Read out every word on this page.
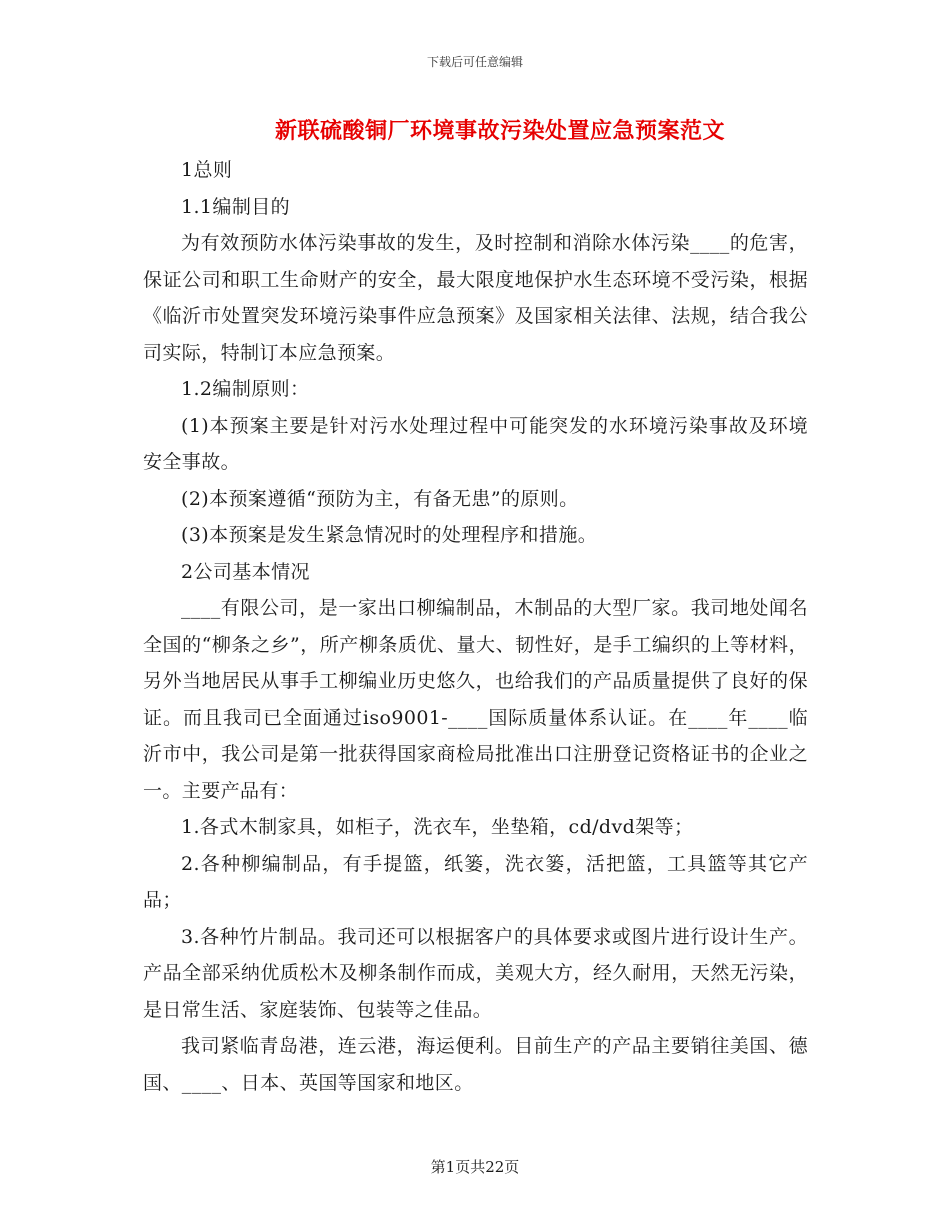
下载后可任意编辑
新联硫酸铜厂环境事故污染处置应急预案范文

1总则

1.1编制目的

为有效预防水体污染事故的发生，及时控制和消除水体污染____的危害，保证公司和职工生命财产的安全，最大限度地保护水生态环境不受污染，根据《临沂市处置突发环境污染事件应急预案》及国家相关法律、法规，结合我公司实际，特制订本应急预案。

1.2编制原则：

(1)本预案主要是针对污水处理过程中可能突发的水环境污染事故及环境安全事故。

(2)本预案遵循“预防为主，有备无患”的原则。

(3)本预案是发生紧急情况时的处理程序和措施。

2公司基本情况

____有限公司，是一家出口柳编制品，木制品的大型厂家。我司地处闻名全国的“柳条之乡”，所产柳条质优、量大、韧性好，是手工编织的上等材料，另外当地居民从事手工柳编业历史悠久，也给我们的产品质量提供了良好的保证。而且我司已全面通过iso9001-____国际质量体系认证。在____年____临沂市中，我公司是第一批获得国家商检局批准出口注册登记资格证书的企业之一。主要产品有：

1.各式木制家具，如柜子，洗衣车，坐垫箱，cd/dvd架等；

2.各种柳编制品，有手提篮，纸篓，洗衣篓，活把篮，工具篮等其它产品；

3.各种竹片制品。我司还可以根据客户的具体要求或图片进行设计生产。产品全部采纳优质松木及柳条制作而成，美观大方，经久耐用，天然无污染，是日常生活、家庭装饰、包装等之佳品。

我司紧临青岛港，连云港，海运便利。目前生产的产品主要销往美国、德国、____、日本、英国等国家和地区。

第1页共22页
